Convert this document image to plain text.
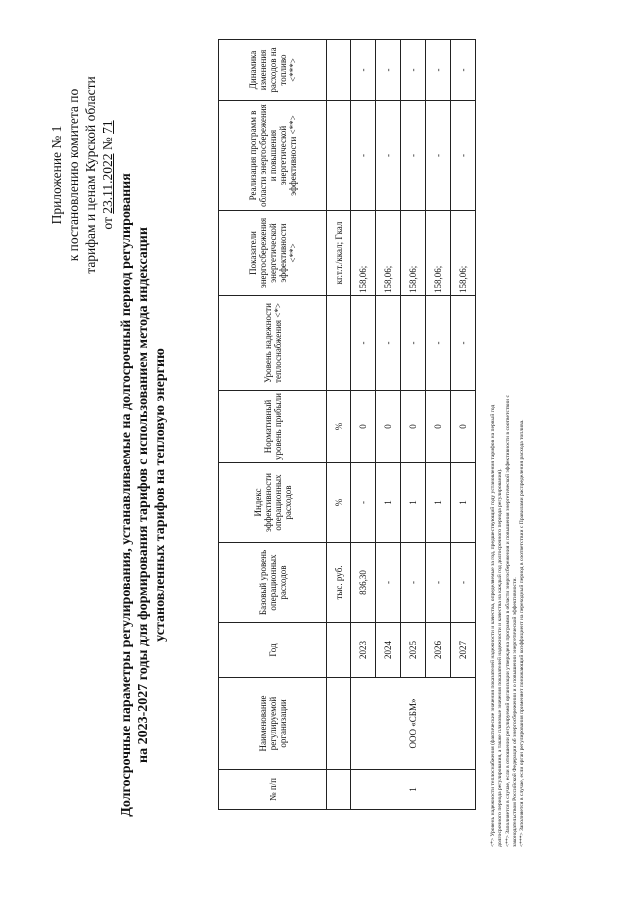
Приложение № 1 к постановлению комитета по тарифам и ценам Курской области от 23.11.2022 № 71
Долгосрочные параметры регулирования, устанавливаемые на долгосрочный период регулирования на 2023-2027 годы для формирования тарифов с использованием метода индексации установленных тарифов на тепловую энергию
№ п/п	Наименование регулируемой организации	Год	Базовый уровень операционных расходов	Индекс эффективности операционных расходов	Нормативный уровень прибыли	Уровень надежности теплоснабжения <*>	Показатели энергосбережения энергетической эффективности <**>	Реализация программ в области энергосбережения и повышения энергетической эффективности <**>	Динамика изменения расходов на топливо <***>
			тыс. руб.	%	%		кг.т.т./ккал; Гкал		
1	ООО «СБМ»	2023	836,30	-	0	-	158,06;	-	-
		2024	-	1	0	-	158,06;	-	-
		2025	-	1	0	-	158,06;	-	-
		2026	-	1	0	-	158,06;	-	-
		2027	-	1	0	-	158,06;	-	-
<*> Уровень надежности теплоснабжения (фактические значения показателей надежности и качества, определяемые за год, предшествующий году установления тарифов на первый год долгосрочного периода регулирования, а также плановые значения показателей надежности и качества на каждый год долгосрочного периода регулирования). <**> Заполняется в случае, если в отношении регулируемой организации утверждена программа в области энергосбережения и повышения энергетической эффективности в соответствии с законодательством Российской Федерации об энергосбережении и о повышении энергетической эффективности. <***> Заполняется в случае, если орган регулирования применяет понижающий коэффициент на переходный период в соответствии с Правилами распределения расхода топлива.
